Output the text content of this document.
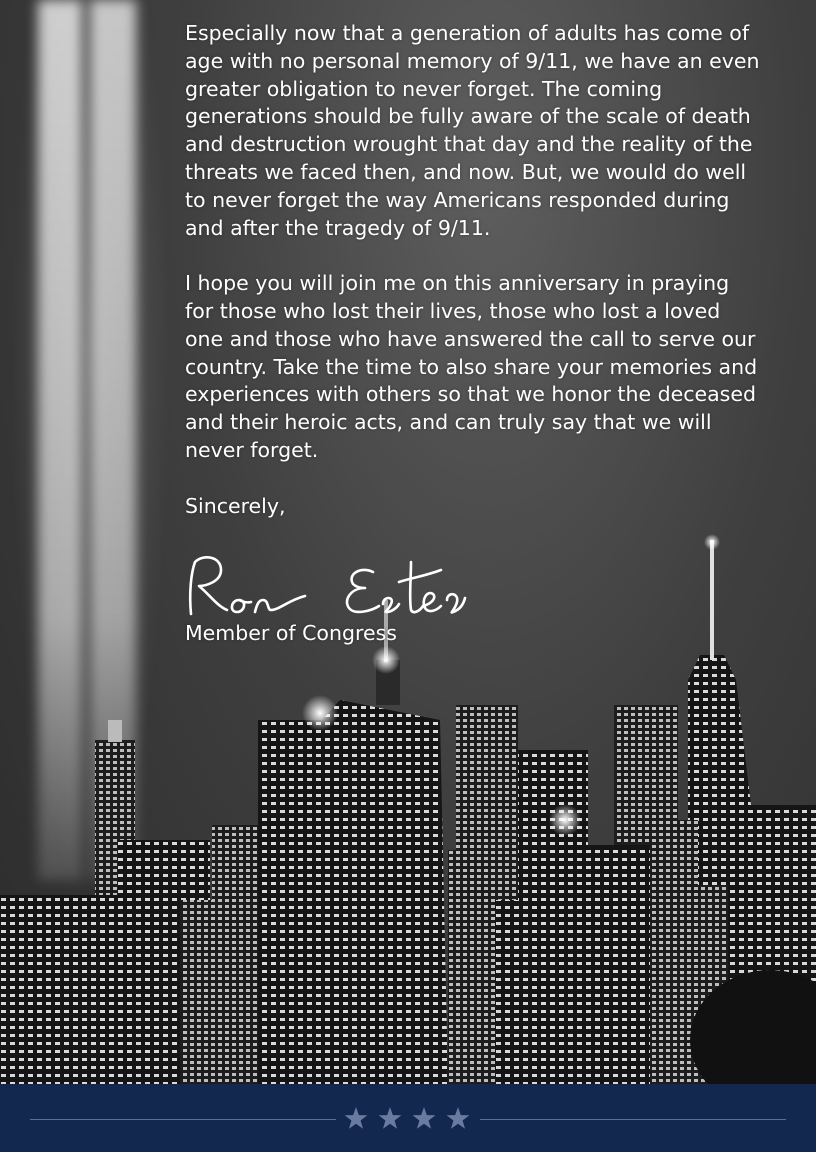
Especially now that a generation of adults has come of age with no personal memory of 9/11, we have an even greater obligation to never forget. The coming generations should be fully aware of the scale of death and destruction wrought that day and the reality of the threats we faced then, and now. But, we would do well to never forget the way Americans responded during and after the tragedy of 9/11.

I hope you will join me on this anniversary in praying for those who lost their lives, those who lost a loved one and those who have answered the call to serve our country. Take the time to also share your memories and experiences with others so that we honor the deceased and their heroic acts, and can truly say that we will never forget.

Sincerely,

Member of Congress
